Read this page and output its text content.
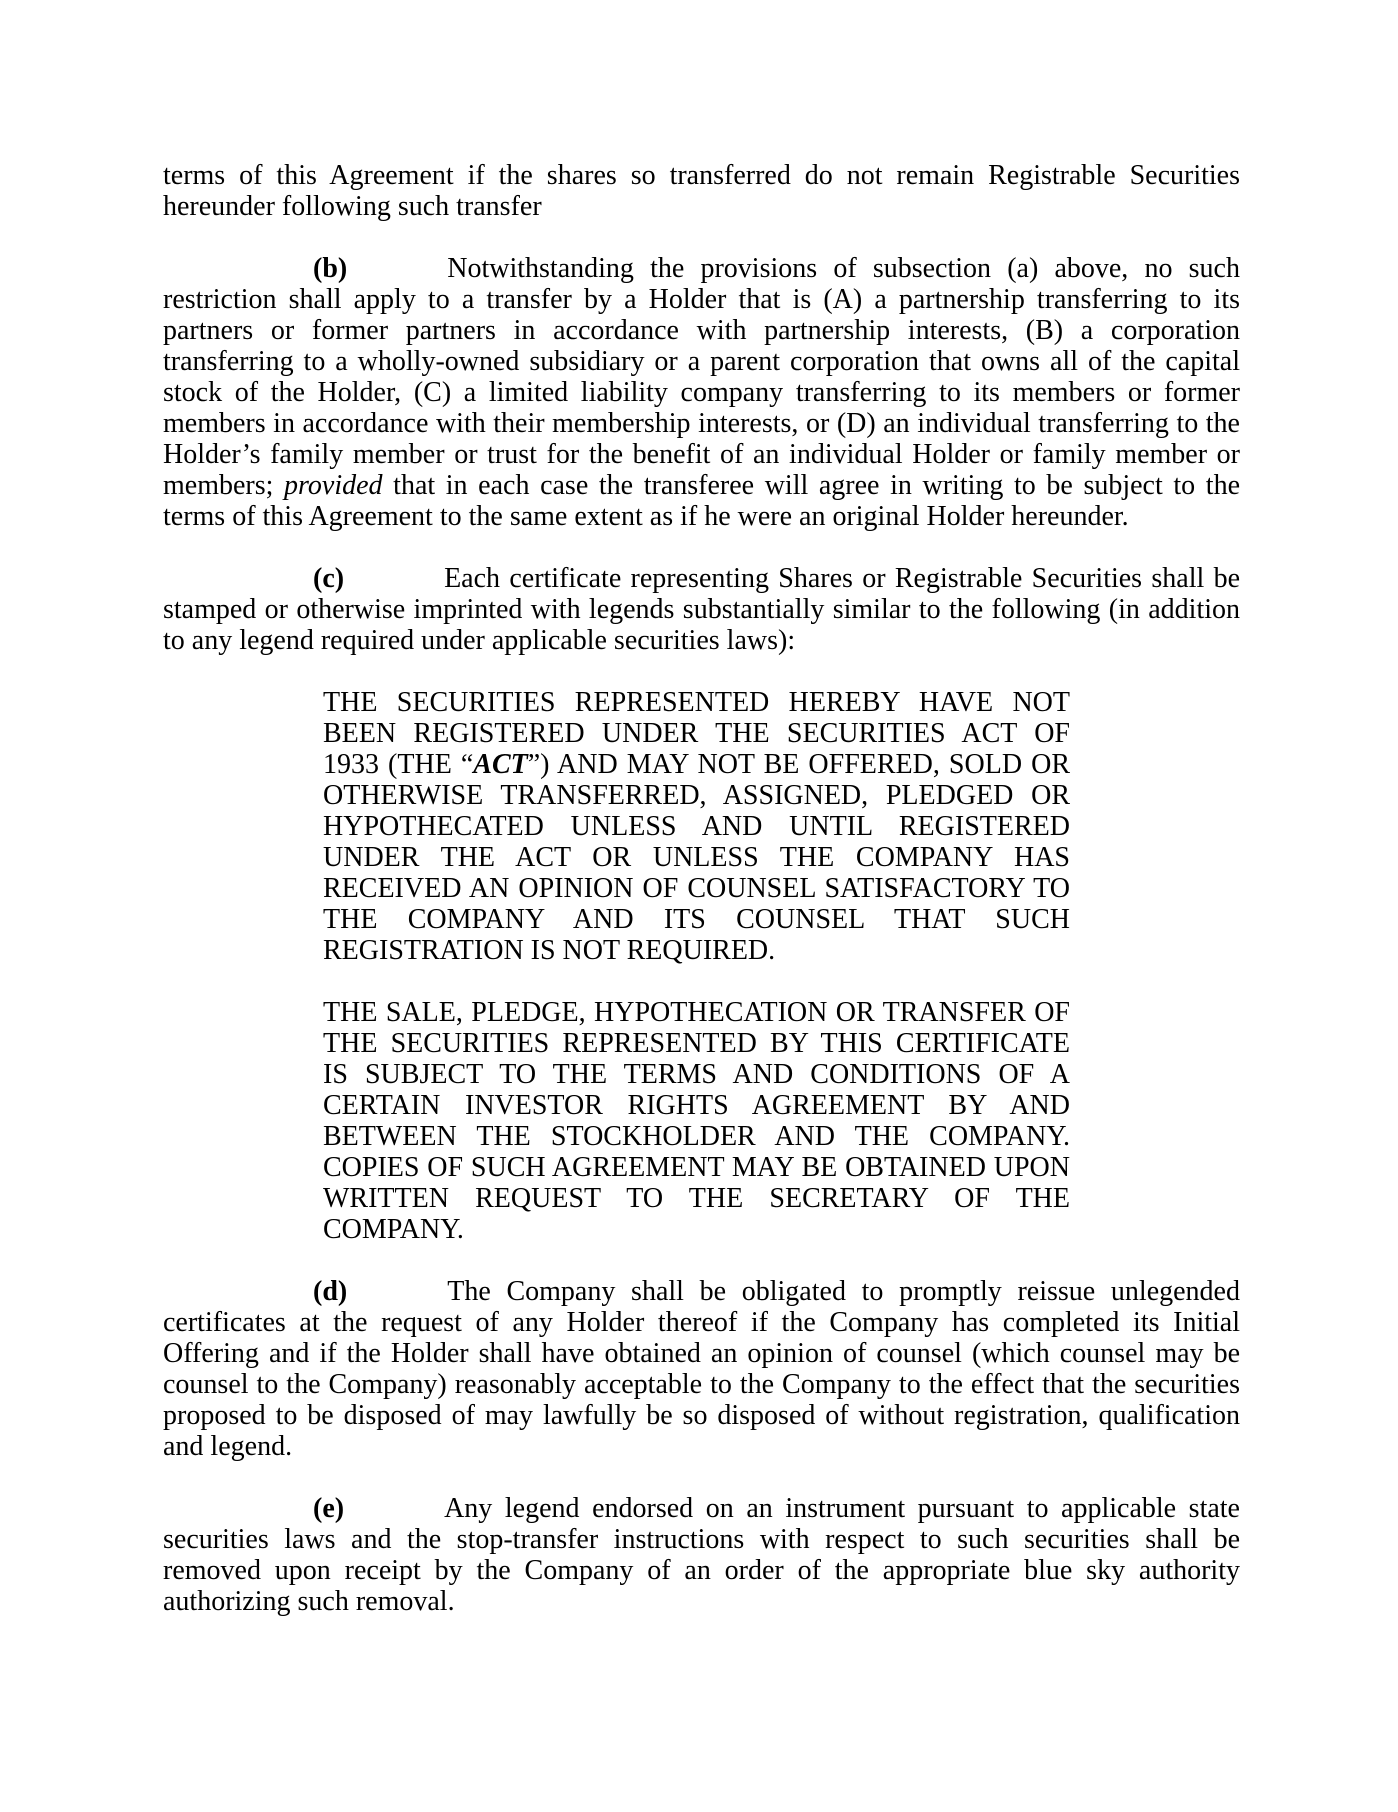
terms of this Agreement if the shares so transferred do not remain Registrable Securities hereunder following such transfer

(b)	Notwithstanding the provisions of subsection (a) above, no such restriction shall apply to a transfer by a Holder that is (A) a partnership transferring to its partners or former partners in accordance with partnership interests, (B) a corporation transferring to a wholly-owned subsidiary or a parent corporation that owns all of the capital stock of the Holder, (C) a limited liability company transferring to its members or former members in accordance with their membership interests, or (D) an individual transferring to the Holder’s family member or trust for the benefit of an individual Holder or family member or members; provided that in each case the transferee will agree in writing to be subject to the terms of this Agreement to the same extent as if he were an original Holder hereunder.

(c)	Each certificate representing Shares or Registrable Securities shall be stamped or otherwise imprinted with legends substantially similar to the following (in addition to any legend required under applicable securities laws):

THE SECURITIES REPRESENTED HEREBY HAVE NOT BEEN REGISTERED UNDER THE SECURITIES ACT OF 1933 (THE “ACT”) AND MAY NOT BE OFFERED, SOLD OR OTHERWISE TRANSFERRED, ASSIGNED, PLEDGED OR HYPOTHECATED UNLESS AND UNTIL REGISTERED UNDER THE ACT OR UNLESS THE COMPANY HAS RECEIVED AN OPINION OF COUNSEL SATISFACTORY TO THE COMPANY AND ITS COUNSEL THAT SUCH REGISTRATION IS NOT REQUIRED.

THE SALE, PLEDGE, HYPOTHECATION OR TRANSFER OF THE SECURITIES REPRESENTED BY THIS CERTIFICATE IS SUBJECT TO THE TERMS AND CONDITIONS OF A CERTAIN INVESTOR RIGHTS AGREEMENT BY AND BETWEEN THE STOCKHOLDER AND THE COMPANY. COPIES OF SUCH AGREEMENT MAY BE OBTAINED UPON WRITTEN REQUEST TO THE SECRETARY OF THE COMPANY.

(d)	The Company shall be obligated to promptly reissue unlegended certificates at the request of any Holder thereof if the Company has completed its Initial Offering and if the Holder shall have obtained an opinion of counsel (which counsel may be counsel to the Company) reasonably acceptable to the Company to the effect that the securities proposed to be disposed of may lawfully be so disposed of without registration, qualification and legend.

(e)	Any legend endorsed on an instrument pursuant to applicable state securities laws and the stop-transfer instructions with respect to such securities shall be removed upon receipt by the Company of an order of the appropriate blue sky authority authorizing such removal.
